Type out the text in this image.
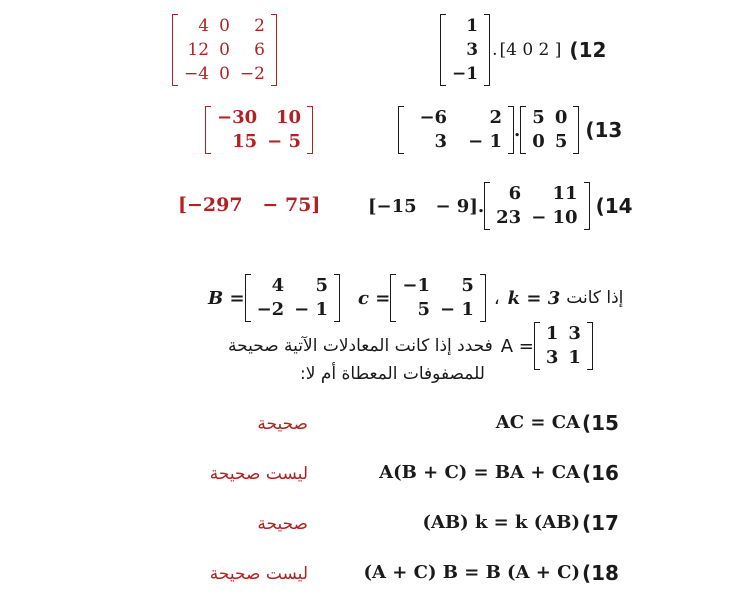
4	0	2
12	0	6
−4	0	−2
1
3
−1
. [4 0 2 ] (12
−30	10
15	− 5
−6	2
3	− 1
.
5	0
0	5 (13
[−297   − 75]	[−15   − 9] .
6	11
23	− 10 (14
B =
4	5
−2	− 1
c =
−1	5
5	− 1
، k = 3 إذا كانت
فحدد إذا كانت المعادلات الآتية صحيحة A =
1	3
3	1
للمصفوفات المعطاة أم لا:
صحيحة	AC = CA (15
ليست صحيحة	A(B + C) = BA + CA (16
صحيحة	(AB) k = k (AB) (17
ليست صحيحة	(A + C) B = B (A + C) (18
